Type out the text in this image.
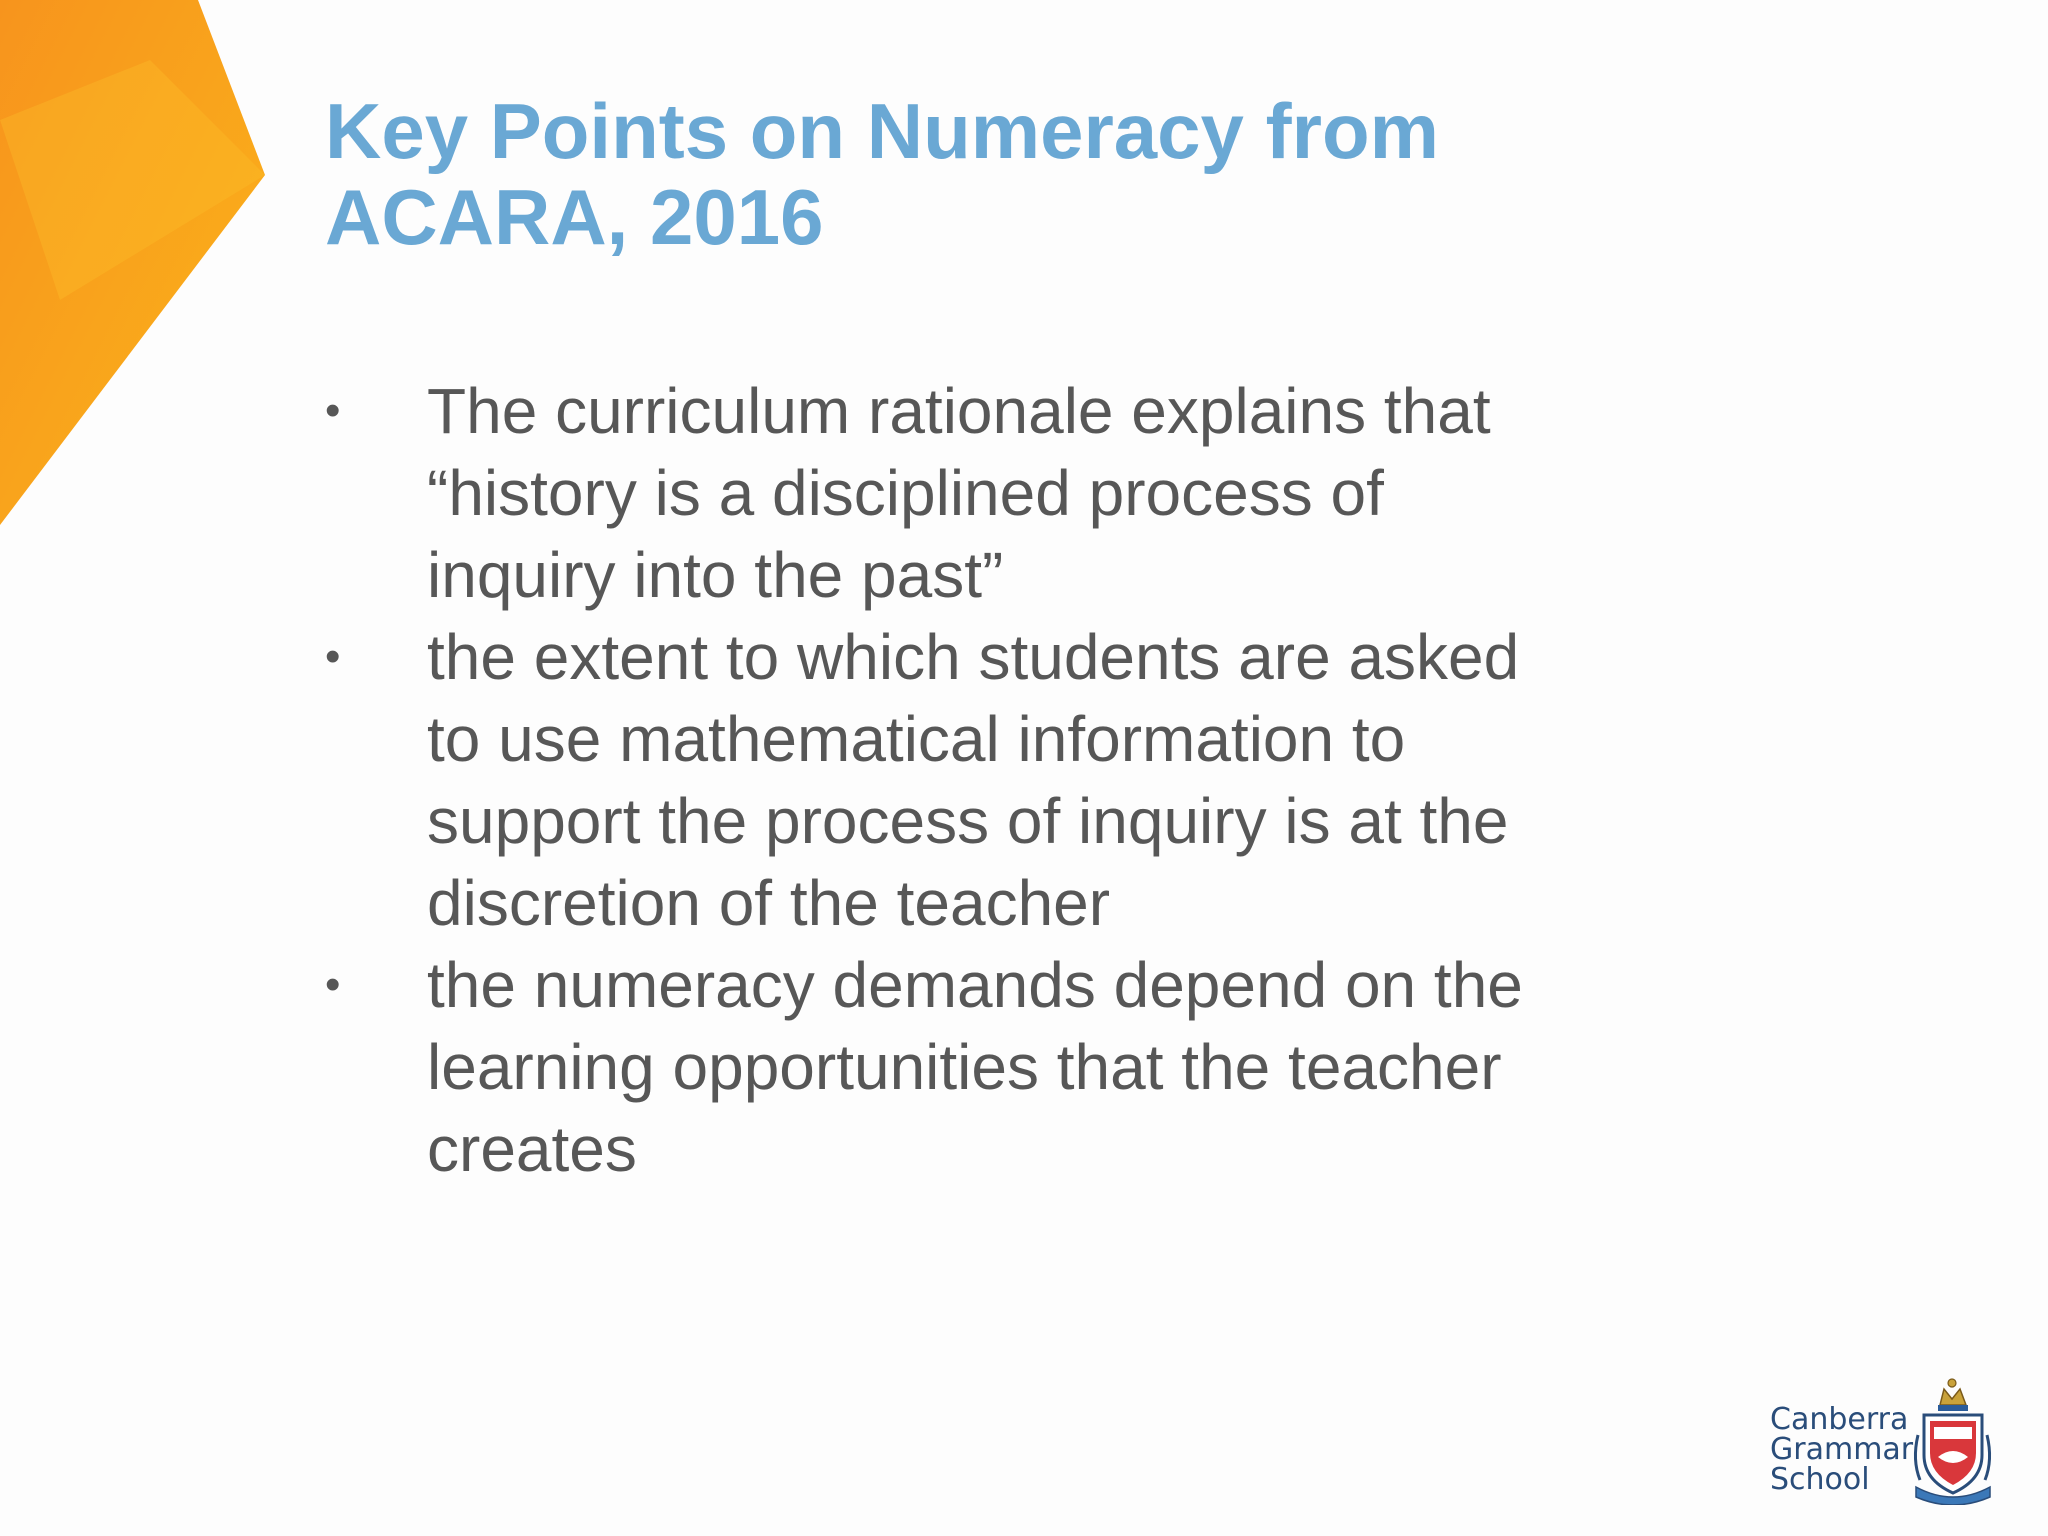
Key Points on Numeracy from
ACARA, 2016
•	The curriculum rationale explains that
“history is a disciplined process of
inquiry into the past”
•	the extent to which students are asked
to use mathematical information to
support the process of inquiry is at the
discretion of the teacher
•	the numeracy demands depend on the
learning opportunities that the teacher
creates
Canberra
Grammar
School
